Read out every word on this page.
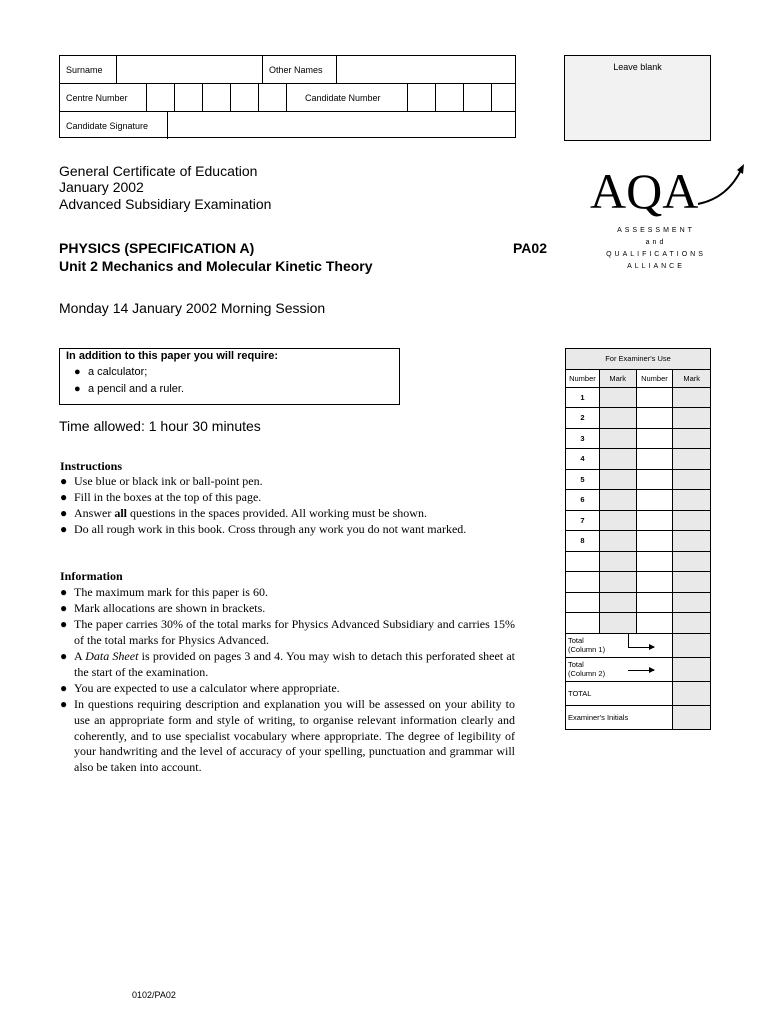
Surname	Other Names
Centre Number	Candidate Number
Candidate Signature
Leave blank
General Certificate of Education
January 2002
Advanced Subsidiary Examination
PHYSICS (SPECIFICATION A)	PA02
Unit 2 Mechanics and Molecular Kinetic Theory
Monday 14 January 2002 Morning Session
AQA
ASSESSMENT and
QUALIFICATIONS
ALLIANCE
In addition to this paper you will require:
● a calculator;
● a pencil and a ruler.
Time allowed: 1 hour 30 minutes
Instructions
● Use blue or black ink or ball-point pen.
● Fill in the boxes at the top of this page.
● Answer all questions in the spaces provided. All working must be shown.
● Do all rough work in this book. Cross through any work you do not want marked.
Information
● The maximum mark for this paper is 60.
● Mark allocations are shown in brackets.
● The paper carries 30% of the total marks for Physics Advanced Subsidiary and carries 15% of the total marks for Physics Advanced.
● A Data Sheet is provided on pages 3 and 4. You may wish to detach this perforated sheet at the start of the examination.
● You are expected to use a calculator where appropriate.
● In questions requiring description and explanation you will be assessed on your ability to use an appropriate form and style of writing, to organise relevant information clearly and coherently, and to use specialist vocabulary where appropriate. The degree of legibility of your handwriting and the level of accuracy of your spelling, punctuation and grammar will also be taken into account.
For Examiner's Use			
Number	Mark	Number	Mark
1			
2			
3			
4			
5			
6			
7			
8			

Total
(Column 1)		

Total
(Column 2)		

TOTAL			
Examiner's Initials			
0102/PA02
